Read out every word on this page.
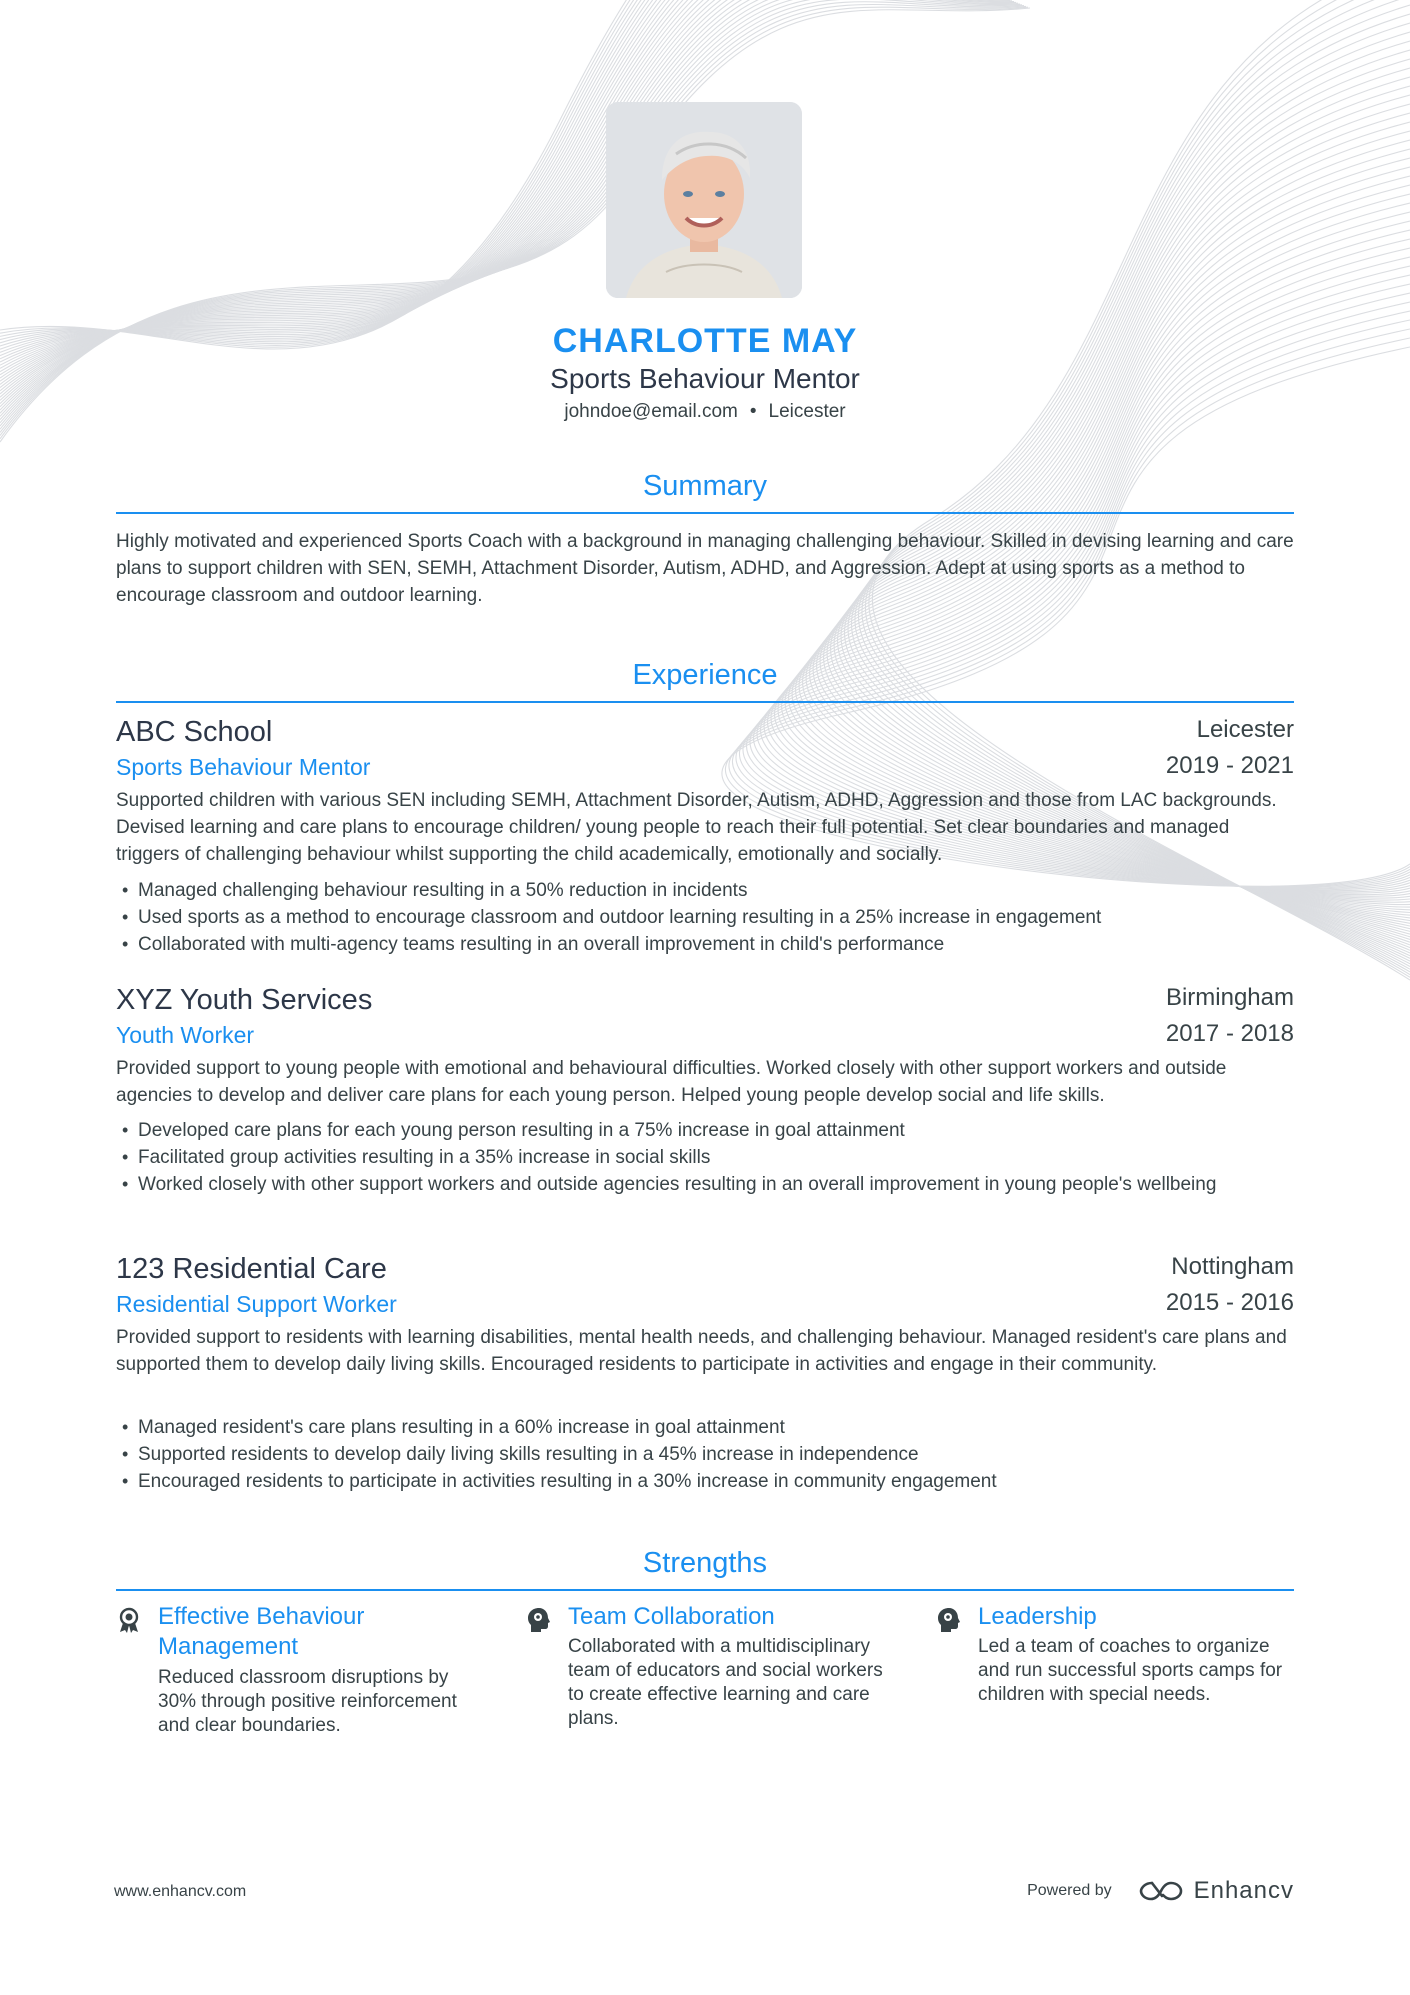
CHARLOTTE MAY
Sports Behaviour Mentor
johndoe@email.com • Leicester
Summary
Highly motivated and experienced Sports Coach with a background in managing challenging behaviour. Skilled in devising learning and care plans to support children with SEN, SEMH, Attachment Disorder, Autism, ADHD, and Aggression. Adept at using sports as a method to encourage classroom and outdoor learning.
Experience
ABC School	Leicester
Sports Behaviour Mentor	2019 - 2021
Supported children with various SEN including SEMH, Attachment Disorder, Autism, ADHD, Aggression and those from LAC backgrounds. Devised learning and care plans to encourage children/ young people to reach their full potential. Set clear boundaries and managed triggers of challenging behaviour whilst supporting the child academically, emotionally and socially.
• Managed challenging behaviour resulting in a 50% reduction in incidents
• Used sports as a method to encourage classroom and outdoor learning resulting in a 25% increase in engagement
• Collaborated with multi-agency teams resulting in an overall improvement in child's performance
XYZ Youth Services	Birmingham
Youth Worker	2017 - 2018
Provided support to young people with emotional and behavioural difficulties. Worked closely with other support workers and outside agencies to develop and deliver care plans for each young person. Helped young people develop social and life skills.
• Developed care plans for each young person resulting in a 75% increase in goal attainment
• Facilitated group activities resulting in a 35% increase in social skills
• Worked closely with other support workers and outside agencies resulting in an overall improvement in young people's wellbeing
123 Residential Care	Nottingham
Residential Support Worker	2015 - 2016
Provided support to residents with learning disabilities, mental health needs, and challenging behaviour. Managed resident's care plans and supported them to develop daily living skills. Encouraged residents to participate in activities and engage in their community.
• Managed resident's care plans resulting in a 60% increase in goal attainment
• Supported residents to develop daily living skills resulting in a 45% increase in independence
• Encouraged residents to participate in activities resulting in a 30% increase in community engagement
Strengths
Effective Behaviour Management
Reduced classroom disruptions by 30% through positive reinforcement and clear boundaries.
Team Collaboration
Collaborated with a multidisciplinary team of educators and social workers to create effective learning and care plans.
Leadership
Led a team of coaches to organize and run successful sports camps for children with special needs.
www.enhancv.com	Powered by	Enhancv
